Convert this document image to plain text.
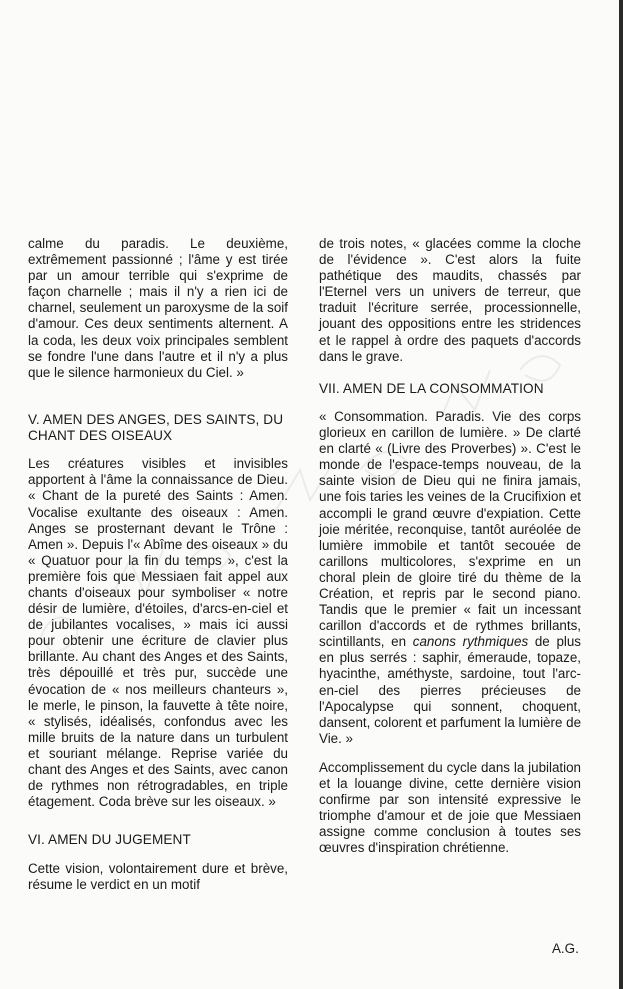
calme du paradis. Le deuxième, extrêmement passionné ; l'âme y est tirée par un amour terrible qui s'exprime de façon charnelle ; mais il n'y a rien ici de charnel, seulement un paroxysme de la soif d'amour. Ces deux sentiments alternent. A la coda, les deux voix principales semblent se fondre l'une dans l'autre et il n'y a plus que le silence harmonieux du Ciel. »

V. AMEN DES ANGES, DES SAINTS, DU CHANT DES OISEAUX

Les créatures visibles et invisibles apportent à l'âme la connaissance de Dieu. « Chant de la pureté des Saints : Amen. Vocalise exultante des oiseaux : Amen. Anges se prosternant devant le Trône : Amen ». Depuis l'« Abîme des oiseaux » du « Quatuor pour la fin du temps », c'est la première fois que Messiaen fait appel aux chants d'oiseaux pour symboliser « notre désir de lumière, d'étoiles, d'arcs-en-ciel et de jubilantes vocalises, » mais ici aussi pour obtenir une écriture de clavier plus brillante. Au chant des Anges et des Saints, très dépouillé et très pur, succède une évocation de « nos meilleurs chanteurs », le merle, le pinson, la fauvette à tête noire, « stylisés, idéalisés, confondus avec les mille bruits de la nature dans un turbulent et souriant mélange. Reprise variée du chant des Anges et des Saints, avec canon de rythmes non rétrogradables, en triple étagement. Coda brève sur les oiseaux. »

VI. AMEN DU JUGEMENT

Cette vision, volontairement dure et brève, résume le verdict en un motif

de trois notes, « glacées comme la cloche de l'évidence ». C'est alors la fuite pathétique des maudits, chassés par l'Eternel vers un univers de terreur, que traduit l'écriture serrée, processionnelle, jouant des oppositions entre les stridences et le rappel à ordre des paquets d'accords dans le grave.

VII. AMEN DE LA CONSOMMATION

« Consommation. Paradis. Vie des corps glorieux en carillon de lumière. » De clarté en clarté « (Livre des Proverbes) ». C'est le monde de l'espace-temps nouveau, de la sainte vision de Dieu qui ne finira jamais, une fois taries les veines de la Crucifixion et accompli le grand œuvre d'expiation. Cette joie méritée, reconquise, tantôt auréolée de lumière immobile et tantôt secouée de carillons multicolores, s'exprime en un choral plein de gloire tiré du thème de la Création, et repris par le second piano. Tandis que le premier « fait un incessant carillon d'accords et de rythmes brillants, scintillants, en canons rythmiques de plus en plus serrés : saphir, émeraude, topaze, hyacinthe, améthyste, sardoine, tout l'arc-en-ciel des pierres précieuses de l'Apocalypse qui sonnent, choquent, dansent, colorent et parfument la lumière de Vie. »

Accomplissement du cycle dans la jubilation et la louange divine, cette dernière vision confirme par son intensité expressive le triomphe d'amour et de joie que Messiaen assigne comme conclusion à toutes ses œuvres d'inspiration chrétienne.

A.G.
